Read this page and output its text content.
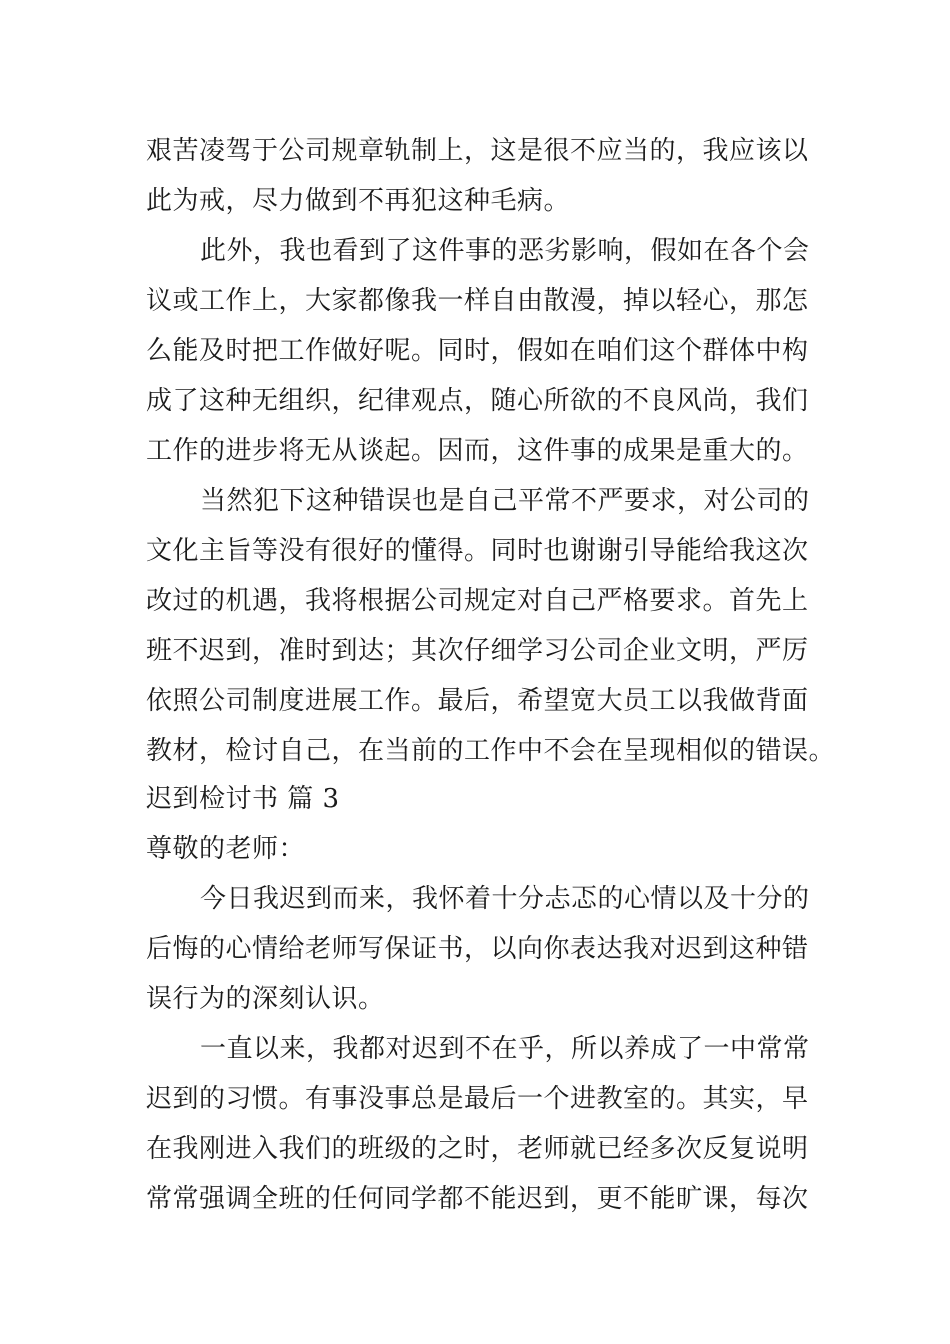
艰苦凌驾于公司规章轨制上，这是很不应当的，我应该以
此为戒，尽力做到不再犯这种毛病。
此外，我也看到了这件事的恶劣影响，假如在各个会
议或工作上，大家都像我一样自由散漫，掉以轻心，那怎
么能及时把工作做好呢。同时，假如在咱们这个群体中构
成了这种无组织，纪律观点，随心所欲的不良风尚，我们
工作的进步将无从谈起。因而，这件事的成果是重大的。
当然犯下这种错误也是自己平常不严要求，对公司的
文化主旨等没有很好的懂得。同时也谢谢引导能给我这次
改过的机遇，我将根据公司规定对自己严格要求。首先上
班不迟到，准时到达；其次仔细学习公司企业文明，严厉
依照公司制度进展工作。最后，希望宽大员工以我做背面
教材，检讨自己，在当前的工作中不会在呈现相似的错误。
迟到检讨书 篇 3
尊敬的老师：
今日我迟到而来，我怀着十分忐忑的心情以及十分的
后悔的心情给老师写保证书，以向你表达我对迟到这种错
误行为的深刻认识。
一直以来，我都对迟到不在乎，所以养成了一中常常
迟到的习惯。有事没事总是最后一个进教室的。其实，早
在我刚进入我们的班级的之时，老师就已经多次反复说明
常常强调全班的任何同学都不能迟到，更不能旷课，每次
